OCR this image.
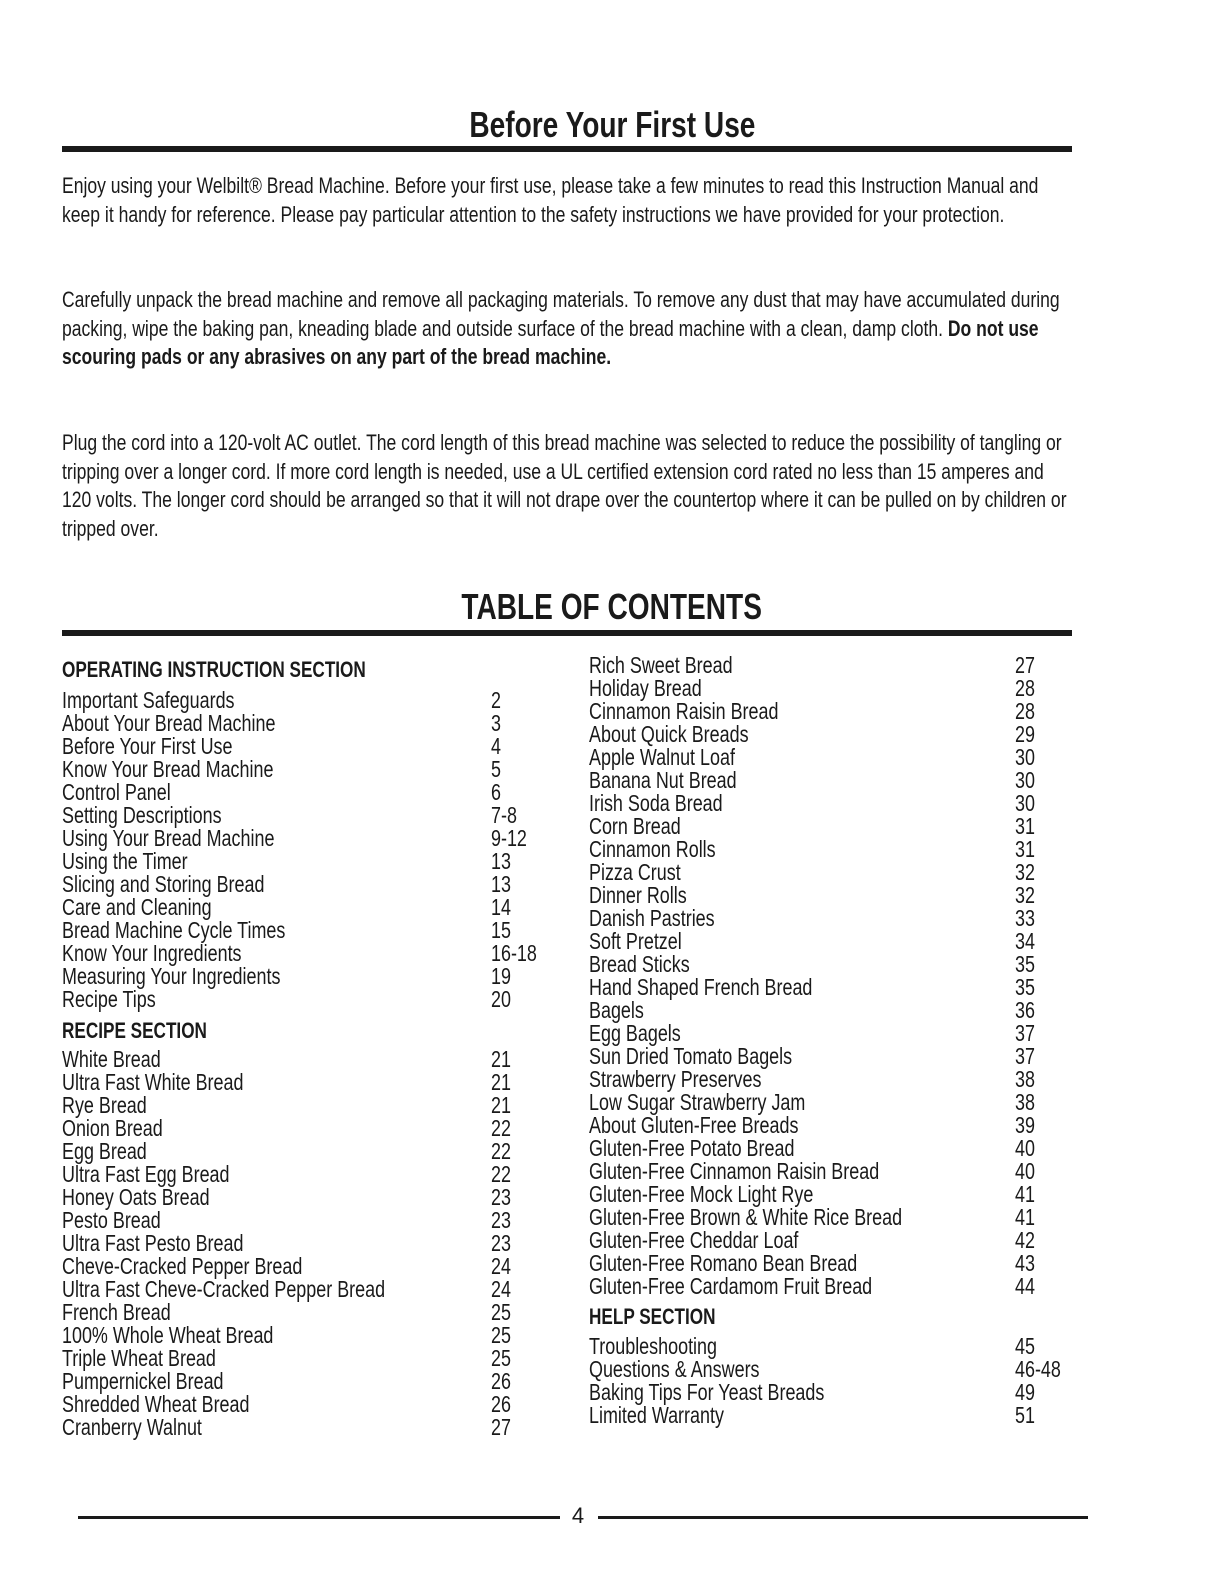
Before Your First Use
Enjoy using your Welbilt® Bread Machine. Before your first use, please take a few minutes to read this Instruction Manual and keep it handy for reference. Please pay particular attention to the safety instructions we have provided for your protection.
Carefully unpack the bread machine and remove all packaging materials. To remove any dust that may have accumulated during packing, wipe the baking pan, kneading blade and outside surface of the bread machine with a clean, damp cloth. Do not use scouring pads or any abrasives on any part of the bread machine.
Plug the cord into a 120-volt AC outlet. The cord length of this bread machine was selected to reduce the possibility of tangling or tripping over a longer cord. If more cord length is needed, use a UL certified extension cord rated no less than 15 amperes and 120 volts. The longer cord should be arranged so that it will not drape over the countertop where it can be pulled on by children or tripped over.
TABLE OF CONTENTS
OPERATING INSTRUCTION SECTION
Important Safeguards	2
About Your Bread Machine	3
Before Your First Use	4
Know Your Bread Machine	5
Control Panel	6
Setting Descriptions	7-8
Using Your Bread Machine	9-12
Using the Timer	13
Slicing and Storing Bread	13
Care and Cleaning	14
Bread Machine Cycle Times	15
Know Your Ingredients	16-18
Measuring Your Ingredients	19
Recipe Tips	20
RECIPE SECTION
White Bread	21
Ultra Fast White Bread	21
Rye Bread	21
Onion Bread	22
Egg Bread	22
Ultra Fast Egg Bread	22
Honey Oats Bread	23
Pesto Bread	23
Ultra Fast Pesto Bread	23
Cheve-Cracked Pepper Bread	24
Ultra Fast Cheve-Cracked Pepper Bread	24
French Bread	25
100% Whole Wheat Bread	25
Triple Wheat Bread	25
Pumpernickel Bread	26
Shredded Wheat Bread	26
Cranberry Walnut	27
Rich Sweet Bread	27
Holiday Bread	28
Cinnamon Raisin Bread	28
About Quick Breads	29
Apple Walnut Loaf	30
Banana Nut Bread	30
Irish Soda Bread	30
Corn Bread	31
Cinnamon Rolls	31
Pizza Crust	32
Dinner Rolls	32
Danish Pastries	33
Soft Pretzel	34
Bread Sticks	35
Hand Shaped French Bread	35
Bagels	36
Egg Bagels	37
Sun Dried Tomato Bagels	37
Strawberry Preserves	38
Low Sugar Strawberry Jam	38
About Gluten-Free Breads	39
Gluten-Free Potato Bread	40
Gluten-Free Cinnamon Raisin Bread	40
Gluten-Free Mock Light Rye	41
Gluten-Free Brown & White Rice Bread	41
Gluten-Free Cheddar Loaf	42
Gluten-Free Romano Bean Bread	43
Gluten-Free Cardamom Fruit Bread	44
HELP SECTION
Troubleshooting	45
Questions & Answers	46-48
Baking Tips For Yeast Breads	49
Limited Warranty	51
4
